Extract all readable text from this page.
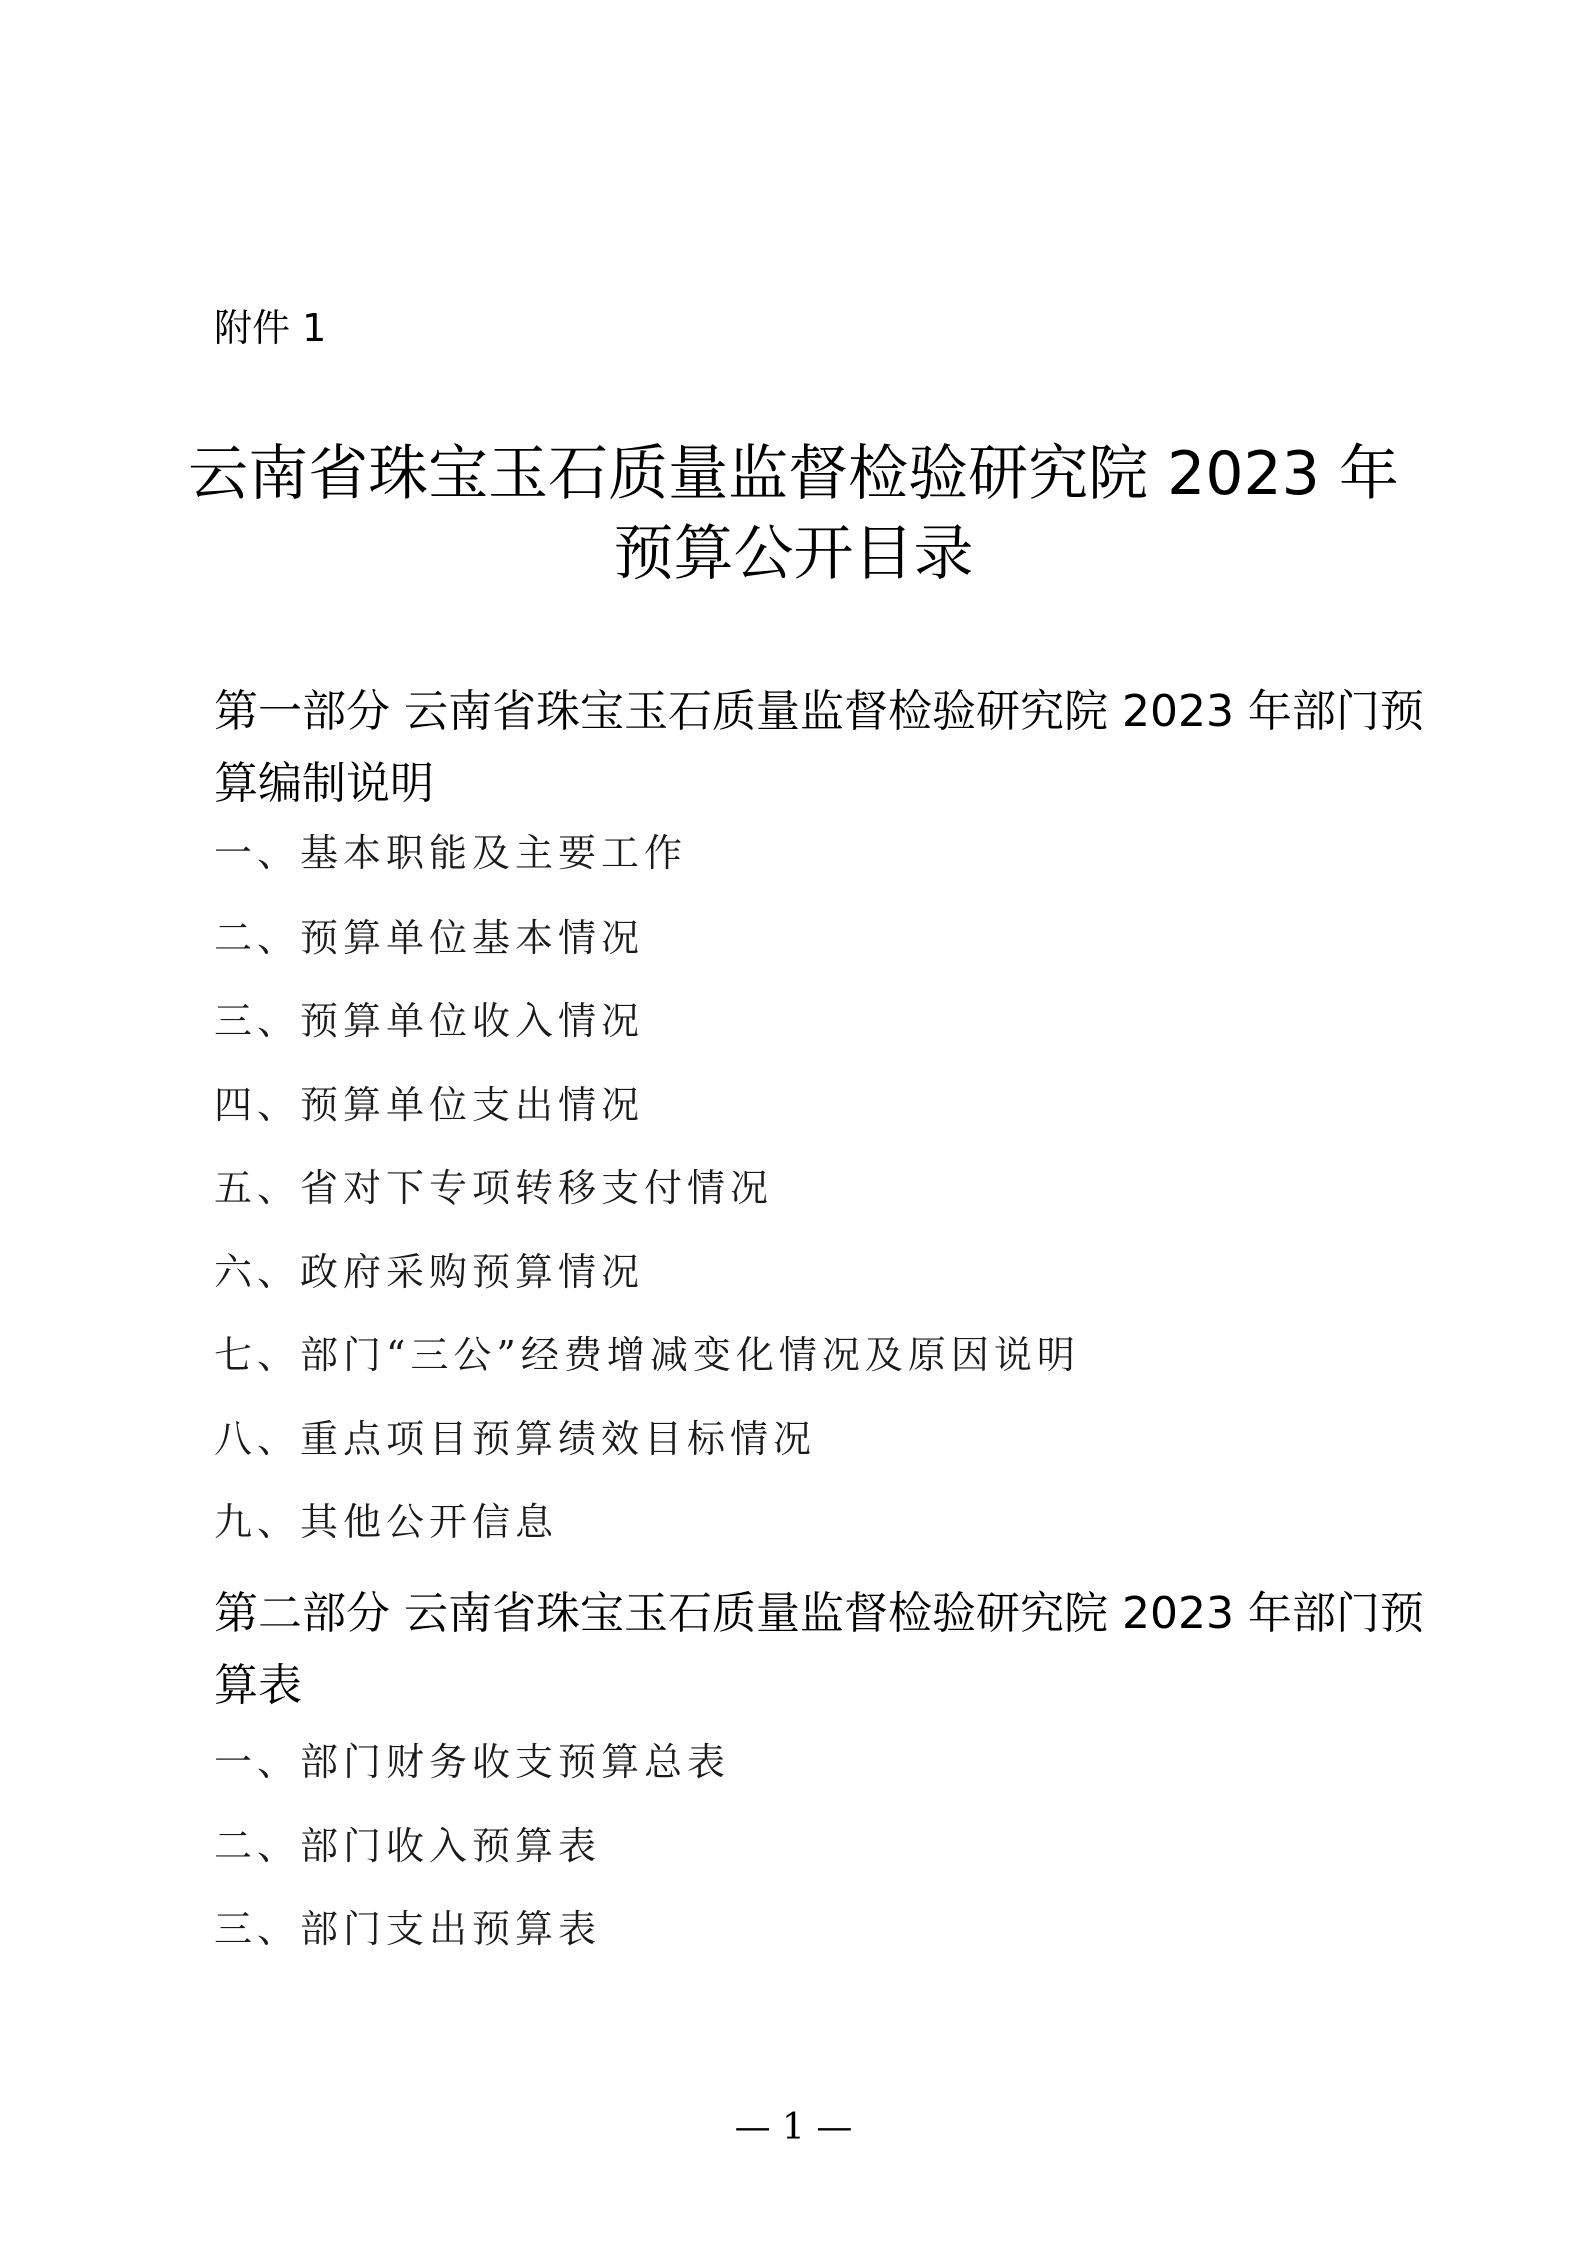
附件 1
云南省珠宝玉石质量监督检验研究院 2023 年
预算公开目录
第一部分 云南省珠宝玉石质量监督检验研究院 2023 年部门预
算编制说明
一、基本职能及主要工作
二、预算单位基本情况
三、预算单位收入情况
四、预算单位支出情况
五、省对下专项转移支付情况
六、政府采购预算情况
七、部门“三公”经费增减变化情况及原因说明
八、重点项目预算绩效目标情况
九、其他公开信息
第二部分 云南省珠宝玉石质量监督检验研究院 2023 年部门预
算表
一、部门财务收支预算总表
二、部门收入预算表
三、部门支出预算表
— 1 —
